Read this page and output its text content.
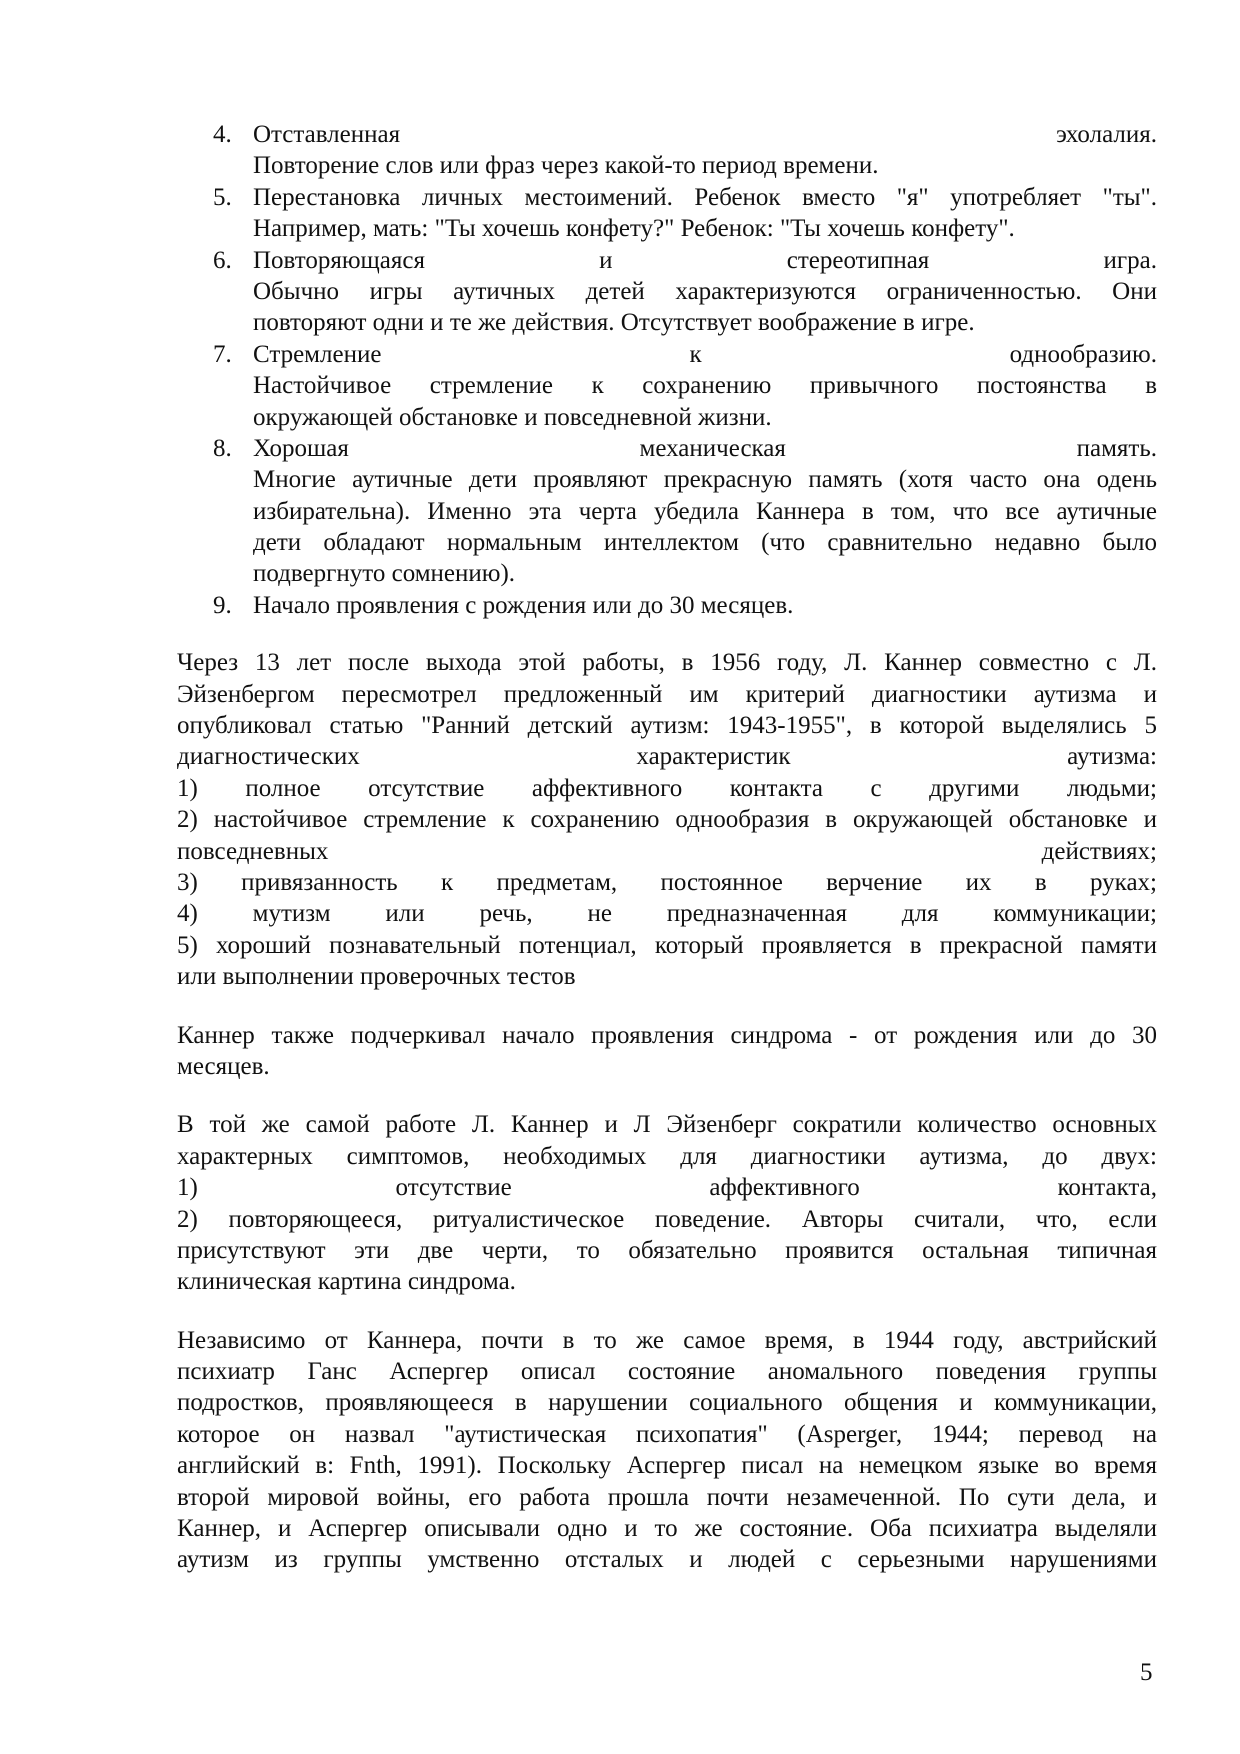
4. Отставленная эхолалия.
Повторение слов или фраз через какой-то период времени.
5. Перестановка личных местоимений. Ребенок вместо "я" употребляет "ты".
Например, мать: "Ты хочешь конфету?" Ребенок: "Ты хочешь конфету".
6. Повторяющаяся и стереотипная игра.
Обычно игры аутичных детей характеризуются ограниченностью. Они
повторяют одни и те же действия. Отсутствует воображение в игре.
7. Стремление к однообразию.
Настойчивое стремление к сохранению привычного постоянства в
окружающей обстановке и повседневной жизни.
8. Хорошая механическая память.
Многие аутичные дети проявляют прекрасную память (хотя часто она одень
избирательна). Именно эта черта убедила Каннера в том, что все аутичные
дети обладают нормальным интеллектом (что сравнительно недавно было
подвергнуто сомнению).
9. Начало проявления с рождения или до 30 месяцев.
Через 13 лет после выхода этой работы, в 1956 году, Л. Каннер совместно с Л.
Эйзенбергом пересмотрел предложенный им критерий диагностики аутизма и
опубликовал статью "Ранний детский аутизм: 1943-1955", в которой выделялись 5
диагностических характеристик аутизма:
1) полное отсутствие аффективного контакта с другими людьми;
2) настойчивое стремление к сохранению однообразия в окружающей обстановке и
повседневных действиях;
3) привязанность к предметам, постоянное верчение их в руках;
4) мутизм или речь, не предназначенная для коммуникации;
5) хороший познавательный потенциал, который проявляется в прекрасной памяти
или выполнении проверочных тестов
Каннер также подчеркивал начало проявления синдрома - от рождения или до 30
месяцев.
В той же самой работе Л. Каннер и Л Эйзенберг сократили количество основных
характерных симптомов, необходимых для диагностики аутизма, до двух:
1) отсутствие аффективного контакта,
2) повторяющееся, ритуалистическое поведение. Авторы считали, что, если
присутствуют эти две черти, то обязательно проявится остальная типичная
клиническая картина синдрома.
Независимо от Каннера, почти в то же самое время, в 1944 году, австрийский
психиатр Ганс Аспергер описал состояние аномального поведения группы
подростков, проявляющееся в нарушении социального общения и коммуникации,
которое он назвал "аутистическая психопатия" (Asperger, 1944; перевод на
английский в: Fnth, 1991). Поскольку Аспергер писал на немецком языке во время
второй мировой войны, его работа прошла почти незамеченной. По сути дела, и
Каннер, и Аспергер описывали одно и то же состояние. Оба психиатра выделяли
аутизм из группы умственно отсталых и людей с серьезными нарушениями
5
